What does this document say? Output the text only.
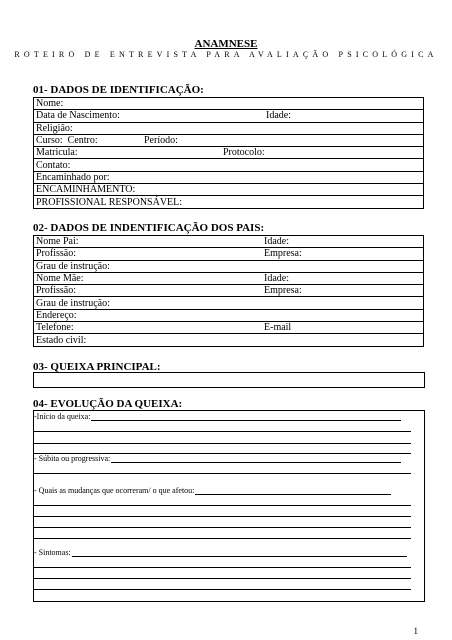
ANAMNESE
ROTEIRO DE ENTREVISTA PARA AVALIAÇÃO PSICOLÓGICA
01- DADOS DE IDENTIFICAÇÃO:
Nome:
Data de Nascimento:	Idade:

Religião:
Curso:  Centro:	Período:

Matricula:	Protocolo:

Contato:
Encaminhado por:
ENCAMINHAMENTO:
PROFISSIONAL RESPONSÁVEL:
02- DADOS DE INDENTIFICAÇÃO DOS PAIS:
Nome Pai:	Idade:

Profissão:	Empresa:

Grau de instrução:
Nome Mãe:	Idade:

Profissão:	Empresa:

Grau de instrução:
Endereço:
Telefone:	E-mail

Estado civil:
03- QUEIXA PRINCIPAL:
04- EVOLUÇÃO DA QUEIXA:
-Início da queixa:
- Súbita ou progressiva:
- Quais as mudanças que ocorreram/ o que afetou:
- Sintomas:
1
